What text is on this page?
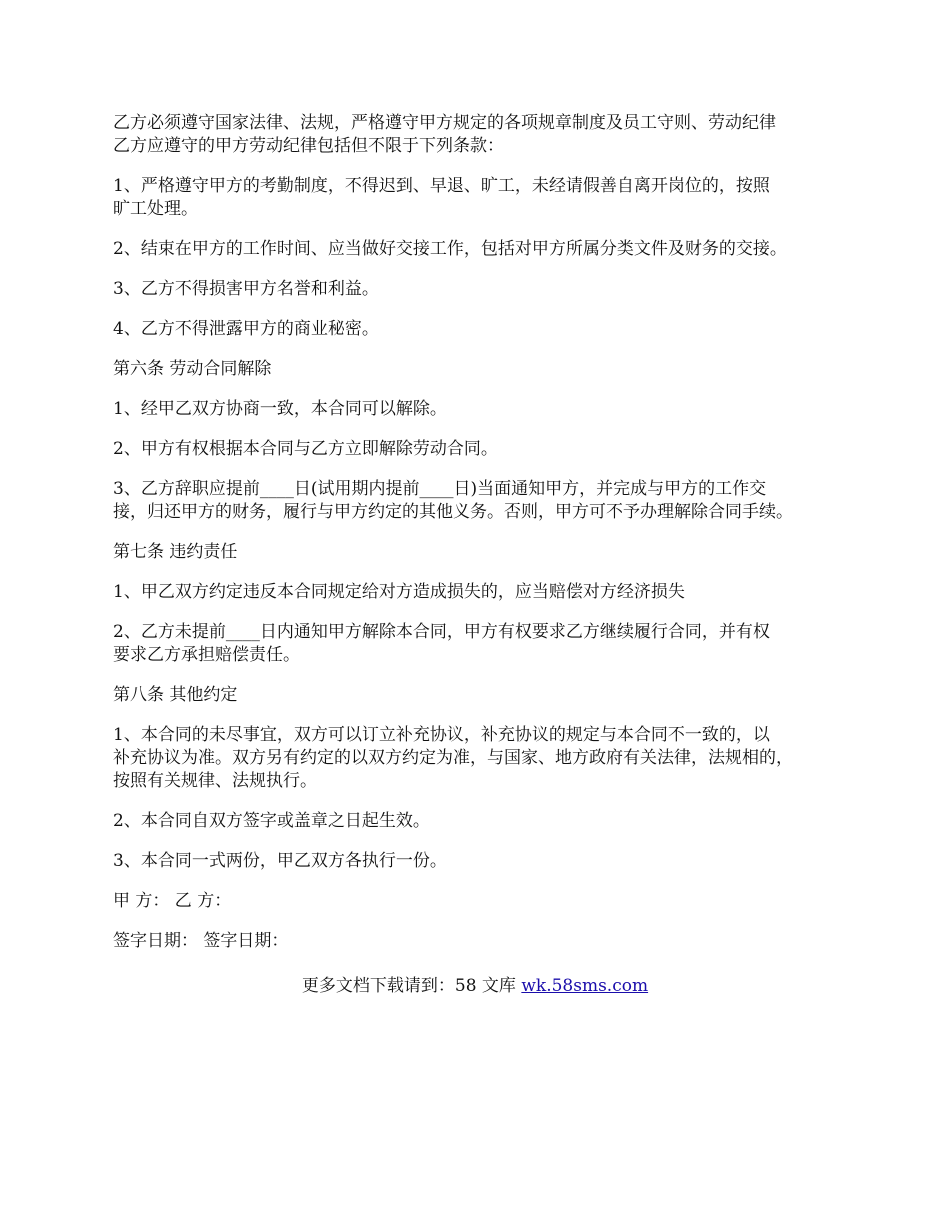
乙方必须遵守国家法律、法规，严格遵守甲方规定的各项规章制度及员工守则、劳动纪律
乙方应遵守的甲方劳动纪律包括但不限于下列条款：

1、严格遵守甲方的考勤制度，不得迟到、早退、旷工，未经请假善自离开岗位的，按照
旷工处理。

2、结束在甲方的工作时间、应当做好交接工作，包括对甲方所属分类文件及财务的交接。

3、乙方不得损害甲方名誉和利益。

4、乙方不得泄露甲方的商业秘密。

第六条 劳动合同解除

1、经甲乙双方协商一致，本合同可以解除。

2、甲方有权根据本合同与乙方立即解除劳动合同。

3、乙方辞职应提前____日(试用期内提前____日)当面通知甲方，并完成与甲方的工作交
接，归还甲方的财务，履行与甲方约定的其他义务。否则，甲方可不予办理解除合同手续。

第七条 违约责任

1、甲乙双方约定违反本合同规定给对方造成损失的，应当赔偿对方经济损失

2、乙方未提前____日内通知甲方解除本合同，甲方有权要求乙方继续履行合同，并有权
要求乙方承担赔偿责任。

第八条 其他约定

1、本合同的未尽事宜，双方可以订立补充协议，补充协议的规定与本合同不一致的，以
补充协议为准。双方另有约定的以双方约定为准，与国家、地方政府有关法律，法规相的，
按照有关规律、法规执行。

2、本合同自双方签字或盖章之日起生效。

3、本合同一式两份，甲乙双方各执行一份。

甲 方： 乙 方：

签字日期： 签字日期：

更多文档下载请到：58 文库 wk.58sms.com
